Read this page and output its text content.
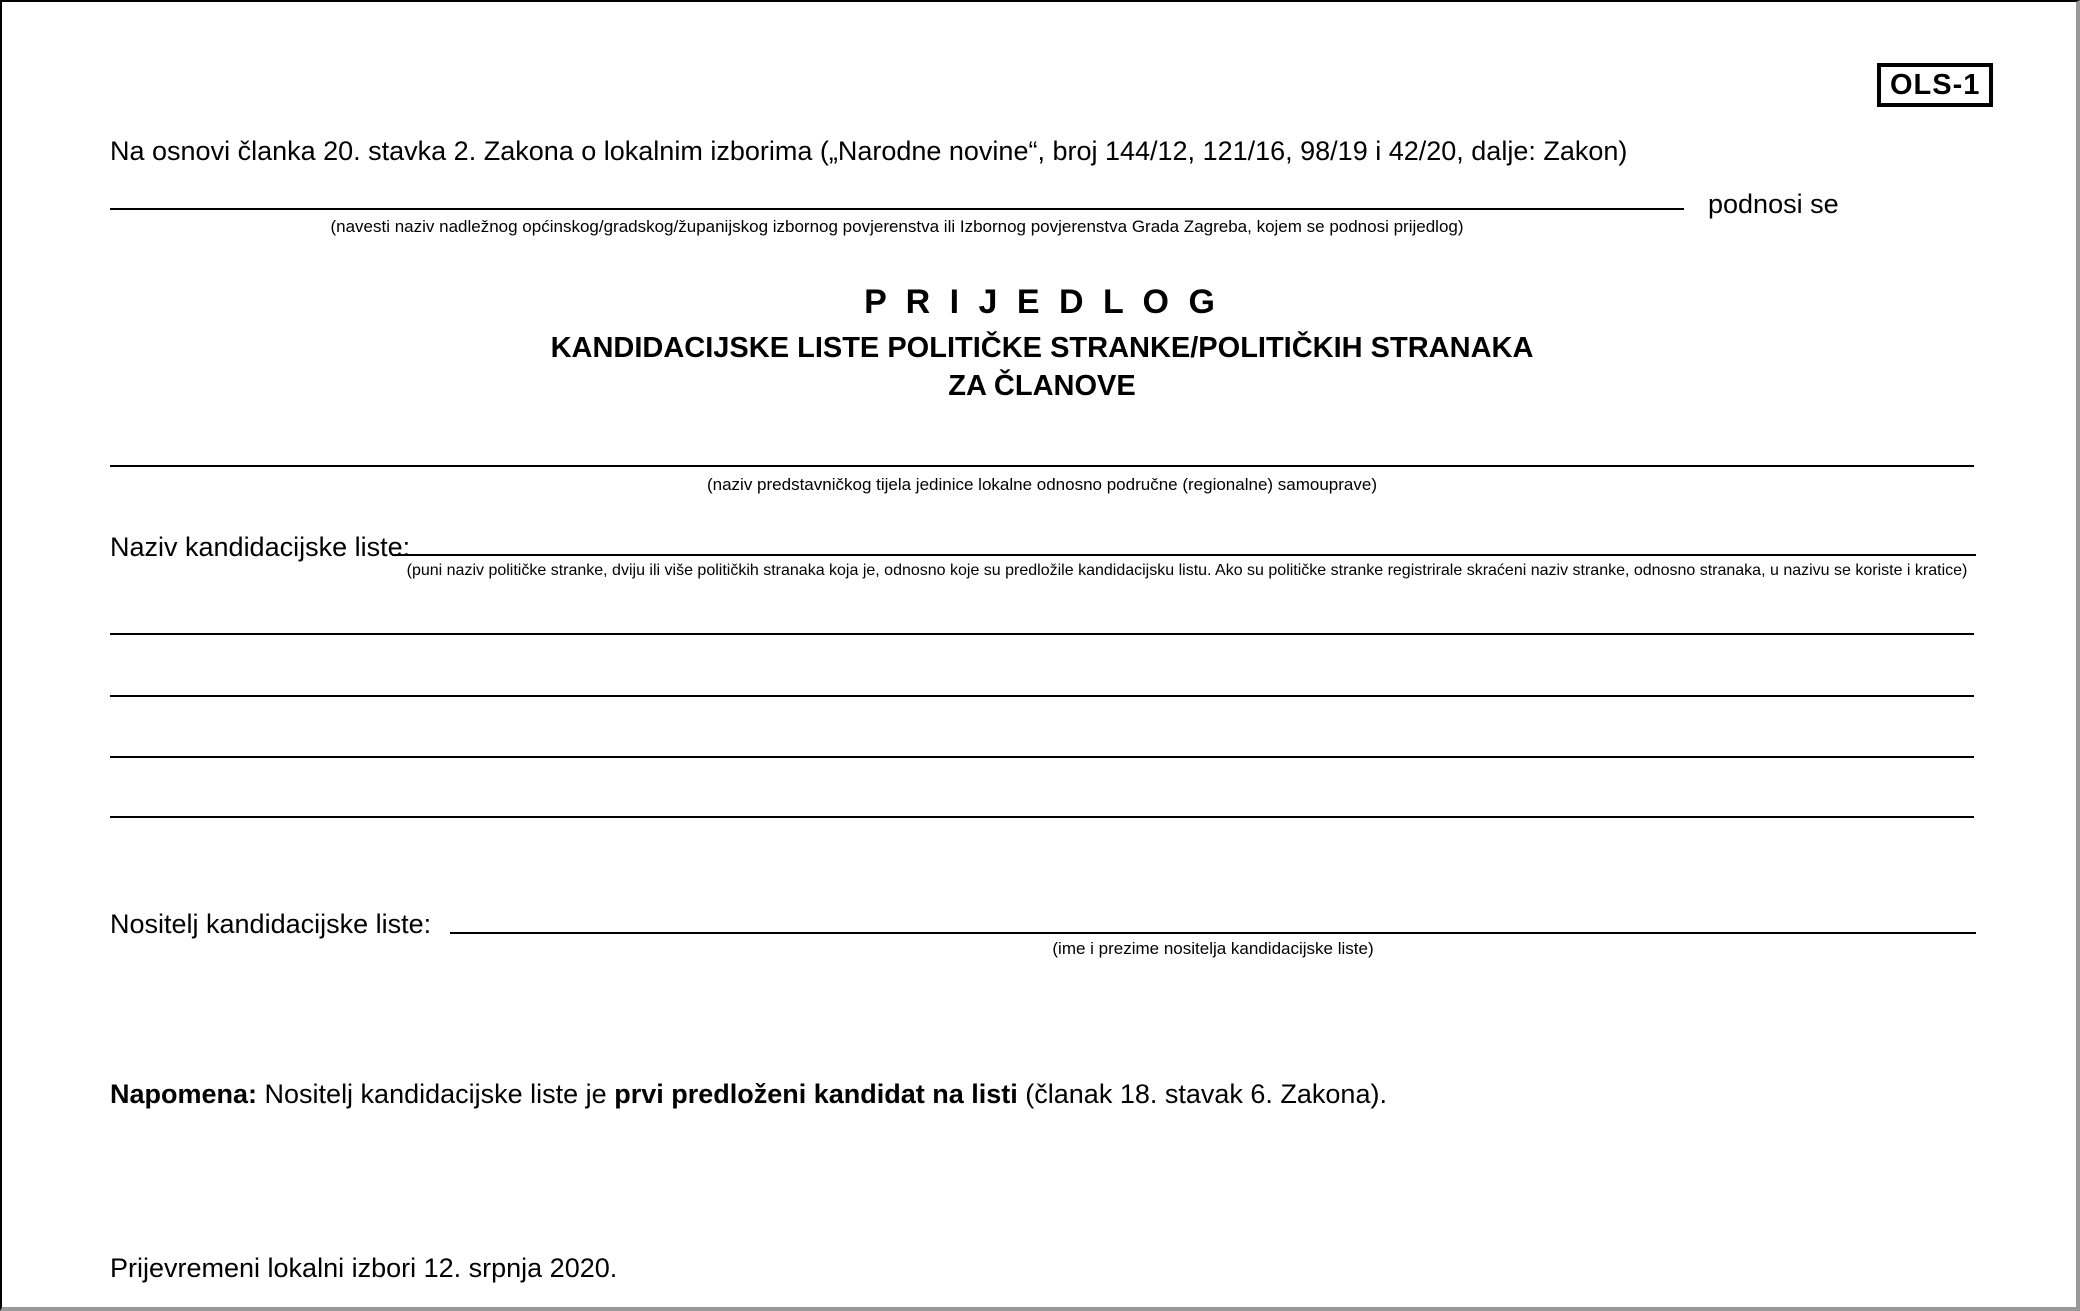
OLS-1
Na osnovi članka 20. stavka 2. Zakona o lokalnim izborima („Narodne novine“, broj 144/12, 121/16, 98/19 i 42/20, dalje: Zakon)
podnosi se
(navesti naziv nadležnog općinskog/gradskog/županijskog izbornog povjerenstva ili Izbornog povjerenstva Grada Zagreba, kojem se podnosi prijedlog)
P R I J E D L O G
KANDIDACIJSKE LISTE POLITIČKE STRANKE/POLITIČKIH STRANAKA
ZA ČLANOVE
(naziv predstavničkog tijela jedinice lokalne odnosno područne (regionalne) samouprave)
Naziv kandidacijske liste:
(puni naziv političke stranke, dviju ili više političkih stranaka koja je, odnosno koje su predložile kandidacijsku listu. Ako su političke stranke registrirale skraćeni naziv stranke, odnosno stranaka, u nazivu se koriste i kratice)
Nositelj kandidacijske liste:
(ime i prezime nositelja kandidacijske liste)
Napomena: Nositelj kandidacijske liste je prvi predloženi kandidat na listi (članak 18. stavak 6. Zakona).
Prijevremeni lokalni izbori 12. srpnja 2020.
